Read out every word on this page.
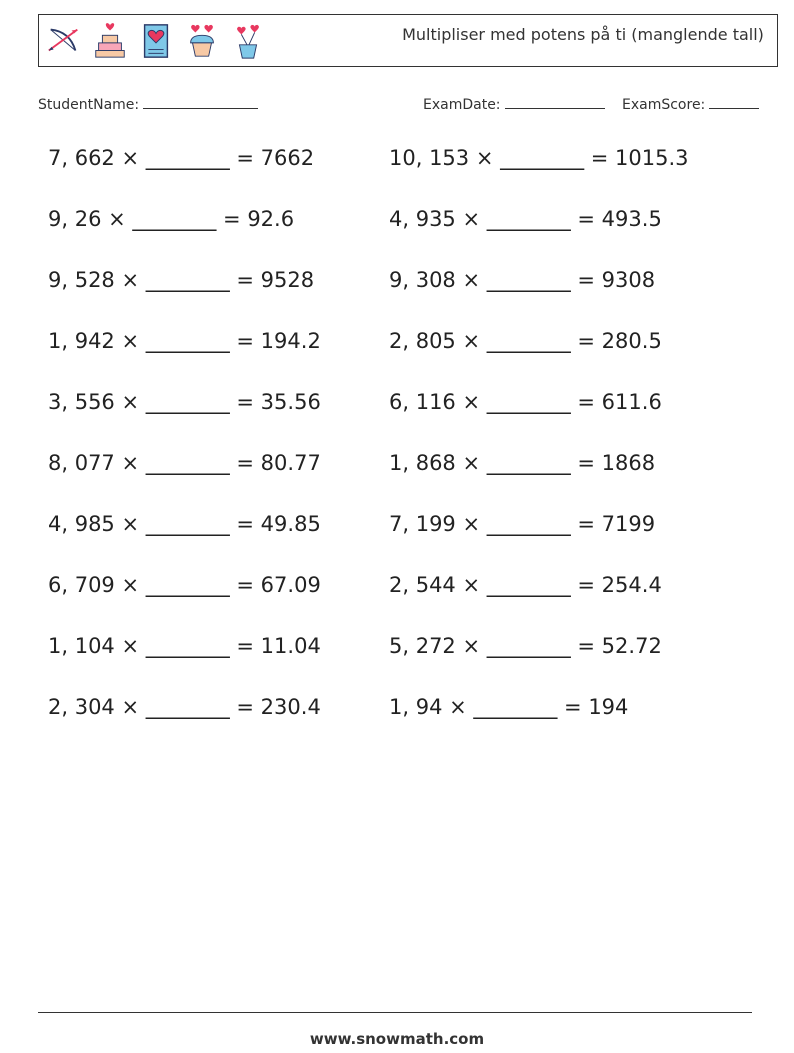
Multipliser med potens på ti (manglende tall)
StudentName:	ExamDate:	ExamScore:
7, 662 × ________ = 7662	10, 153 × ________ = 1015.3
9, 26 × ________ = 92.6	4, 935 × ________ = 493.5
9, 528 × ________ = 9528	9, 308 × ________ = 9308
1, 942 × ________ = 194.2	2, 805 × ________ = 280.5
3, 556 × ________ = 35.56	6, 116 × ________ = 611.6
8, 077 × ________ = 80.77	1, 868 × ________ = 1868
4, 985 × ________ = 49.85	7, 199 × ________ = 7199
6, 709 × ________ = 67.09	2, 544 × ________ = 254.4
1, 104 × ________ = 11.04	5, 272 × ________ = 52.72
2, 304 × ________ = 230.4	1, 94 × ________ = 194
www.snowmath.com
